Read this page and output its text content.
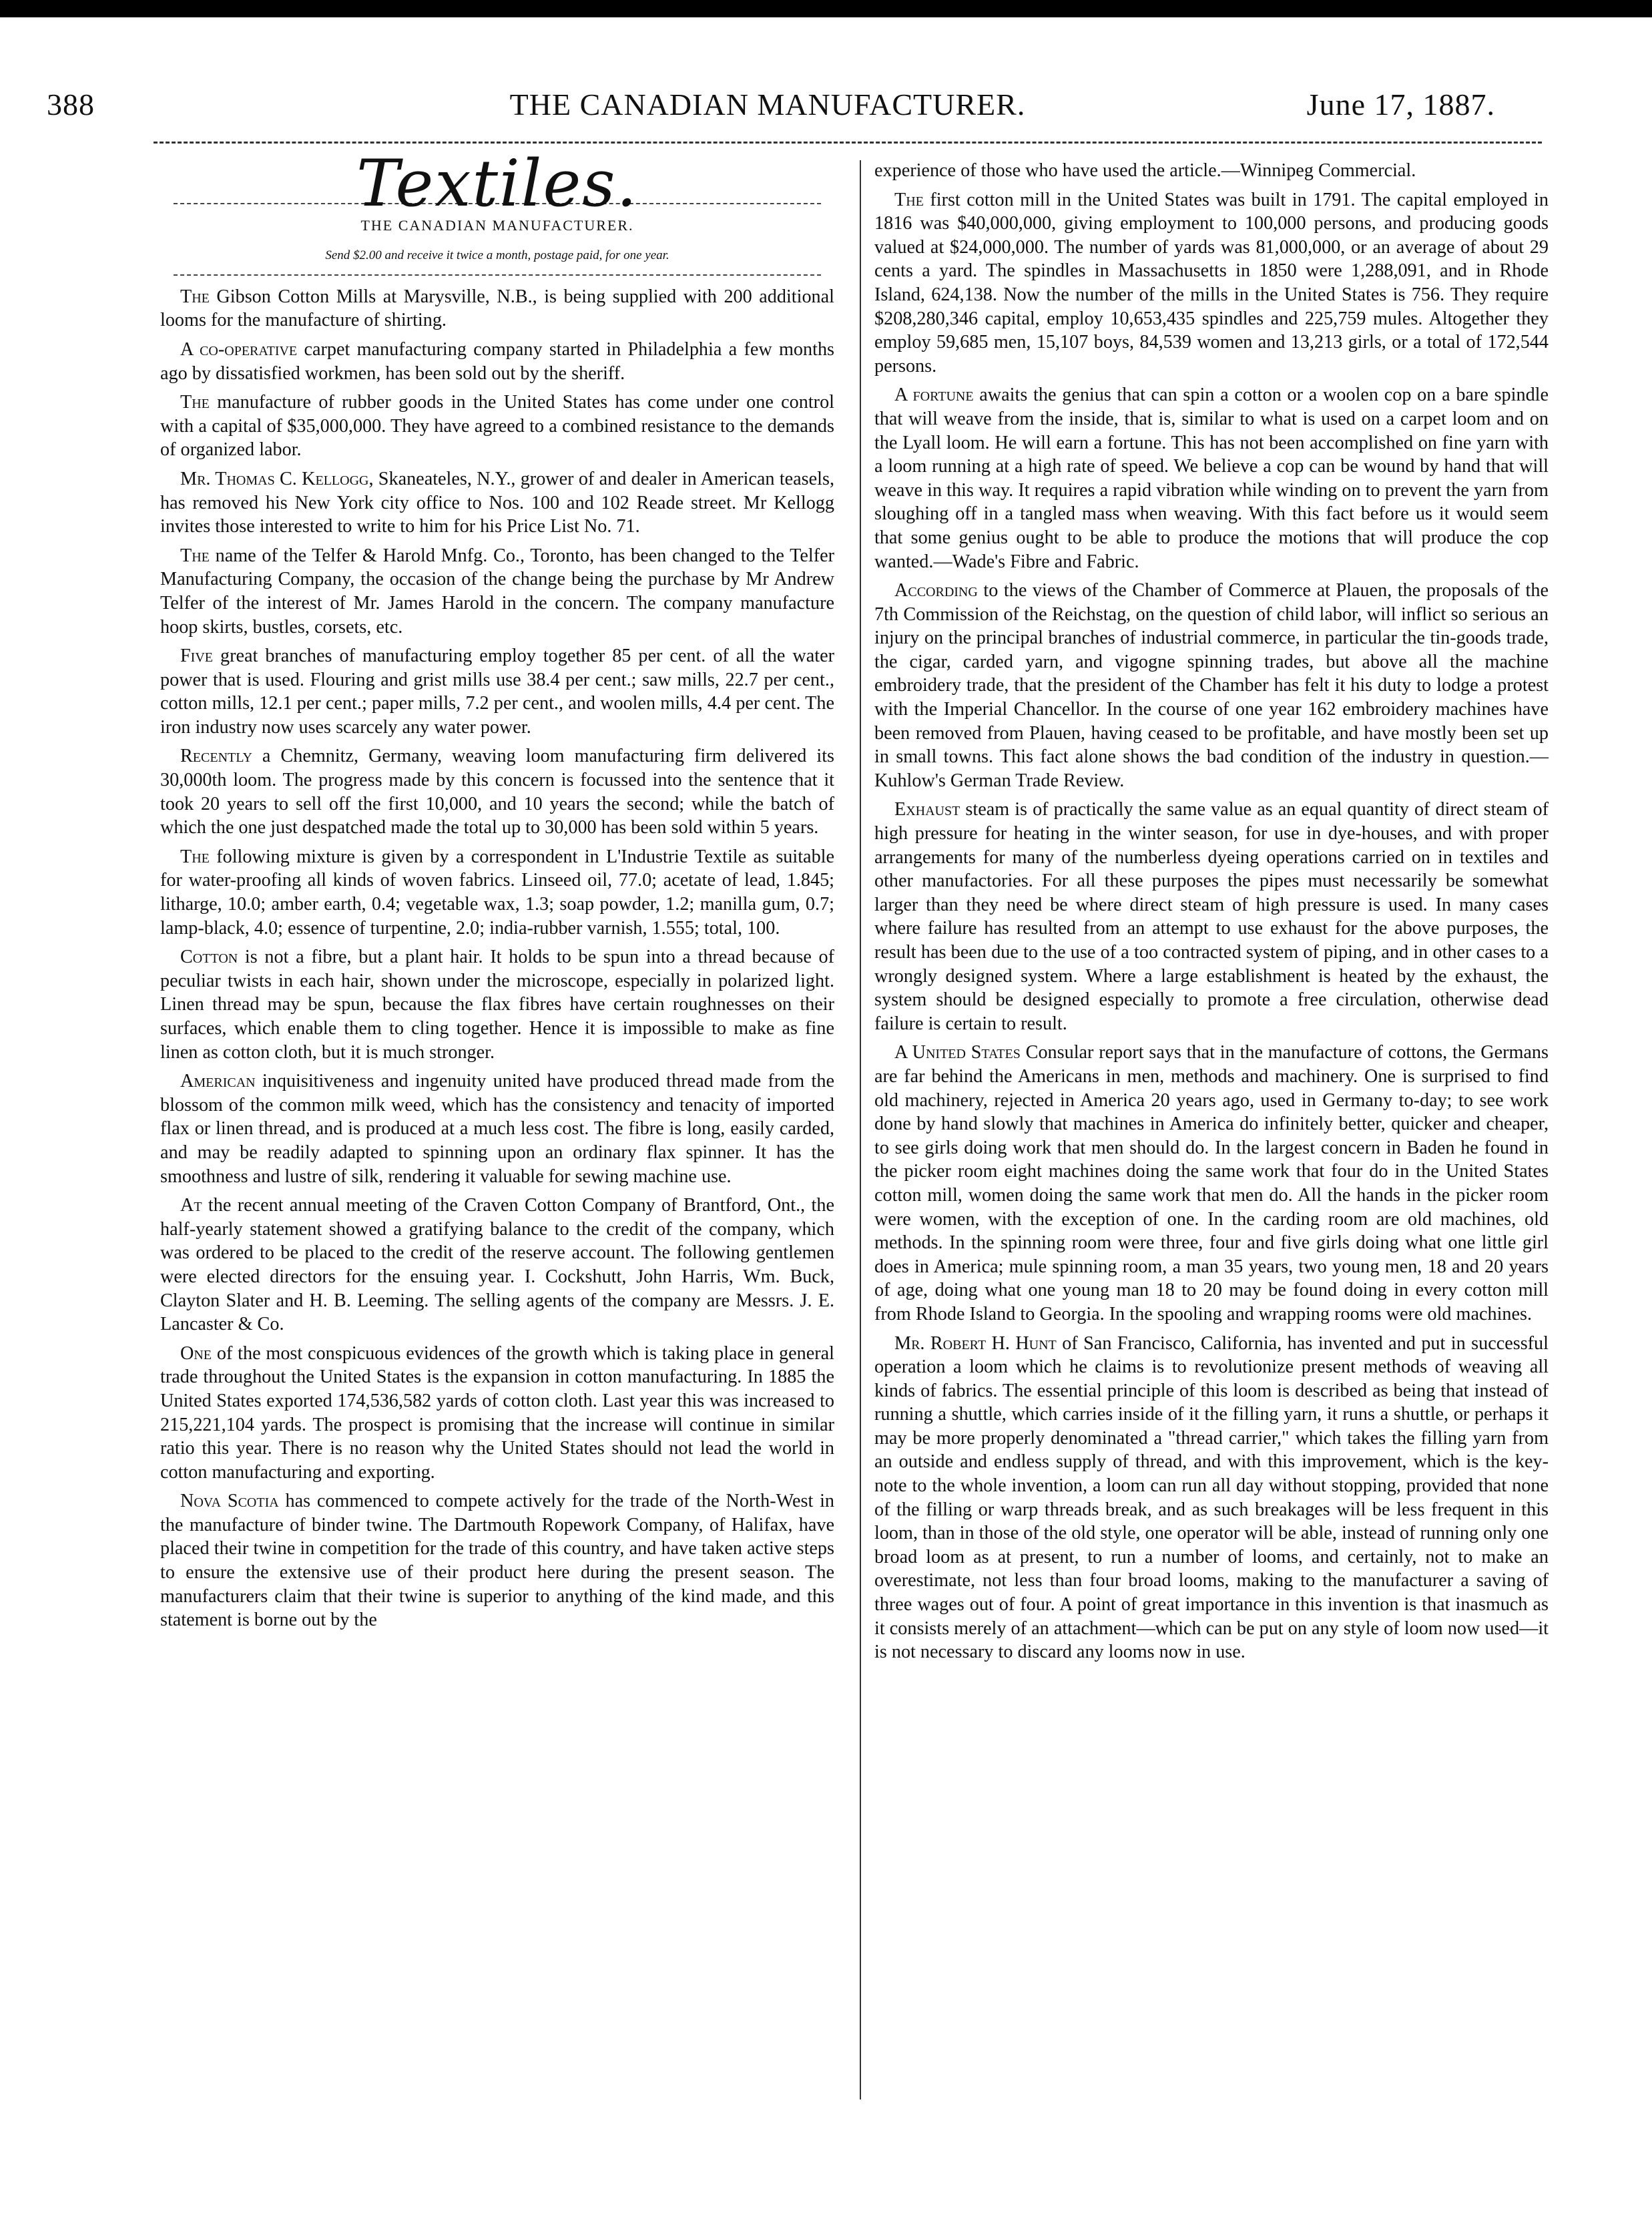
388	THE CANADIAN MANUFACTURER.	June 17, 1887.
Textiles.
THE CANADIAN MANUFACTURER.
Send $2.00 and receive it twice a month, postage paid, for one year.

The Gibson Cotton Mills at Marysville, N.B., is being supplied with 200 additional looms for the manufacture of shirting.

A co-operative carpet manufacturing company started in Philadelphia a few months ago by dissatisfied workmen, has been sold out by the sheriff.

The manufacture of rubber goods in the United States has come under one control with a capital of $35,000,000. They have agreed to a combined resistance to the demands of organized labor.

Mr. Thomas C. Kellogg, Skaneateles, N.Y., grower of and dealer in American teasels, has removed his New York city office to Nos. 100 and 102 Reade street. Mr Kellogg invites those interested to write to him for his Price List No. 71.

The name of the Telfer & Harold Mnfg. Co., Toronto, has been changed to the Telfer Manufacturing Company, the occasion of the change being the purchase by Mr Andrew Telfer of the interest of Mr. James Harold in the concern. The company manufacture hoop skirts, bustles, corsets, etc.

Five great branches of manufacturing employ together 85 per cent. of all the water power that is used. Flouring and grist mills use 38.4 per cent.; saw mills, 22.7 per cent., cotton mills, 12.1 per cent.; paper mills, 7.2 per cent., and woolen mills, 4.4 per cent. The iron industry now uses scarcely any water power.

Recently a Chemnitz, Germany, weaving loom manufacturing firm delivered its 30,000th loom. The progress made by this concern is focussed into the sentence that it took 20 years to sell off the first 10,000, and 10 years the second; while the batch of which the one just despatched made the total up to 30,000 has been sold within 5 years.

The following mixture is given by a correspondent in L'Industrie Textile as suitable for water-proofing all kinds of woven fabrics. Linseed oil, 77.0; acetate of lead, 1.845; litharge, 10.0; amber earth, 0.4; vegetable wax, 1.3; soap powder, 1.2; manilla gum, 0.7; lamp-black, 4.0; essence of turpentine, 2.0; india-rubber varnish, 1.555; total, 100.

Cotton is not a fibre, but a plant hair. It holds to be spun into a thread because of peculiar twists in each hair, shown under the microscope, especially in polarized light. Linen thread may be spun, because the flax fibres have certain roughnesses on their surfaces, which enable them to cling together. Hence it is impossible to make as fine linen as cotton cloth, but it is much stronger.

American inquisitiveness and ingenuity united have produced thread made from the blossom of the common milk weed, which has the consistency and tenacity of imported flax or linen thread, and is produced at a much less cost. The fibre is long, easily carded, and may be readily adapted to spinning upon an ordinary flax spinner. It has the smoothness and lustre of silk, rendering it valuable for sewing machine use.

At the recent annual meeting of the Craven Cotton Company of Brantford, Ont., the half-yearly statement showed a gratifying balance to the credit of the company, which was ordered to be placed to the credit of the reserve account. The following gentlemen were elected directors for the ensuing year. I. Cockshutt, John Harris, Wm. Buck, Clayton Slater and H. B. Leeming. The selling agents of the company are Messrs. J. E. Lancaster & Co.

One of the most conspicuous evidences of the growth which is taking place in general trade throughout the United States is the expansion in cotton manufacturing. In 1885 the United States exported 174,536,582 yards of cotton cloth. Last year this was increased to 215,221,104 yards. The prospect is promising that the increase will continue in similar ratio this year. There is no reason why the United States should not lead the world in cotton manufacturing and exporting.

Nova Scotia has commenced to compete actively for the trade of the North-West in the manufacture of binder twine. The Dartmouth Ropework Company, of Halifax, have placed their twine in competition for the trade of this country, and have taken active steps to ensure the extensive use of their product here during the present season. The manufacturers claim that their twine is superior to anything of the kind made, and this statement is borne out by the

experience of those who have used the article.—Winnipeg Commercial.

The first cotton mill in the United States was built in 1791. The capital employed in 1816 was $40,000,000, giving employment to 100,000 persons, and producing goods valued at $24,000,000. The number of yards was 81,000,000, or an average of about 29 cents a yard. The spindles in Massachusetts in 1850 were 1,288,091, and in Rhode Island, 624,138. Now the number of the mills in the United States is 756. They require $208,280,346 capital, employ 10,653,435 spindles and 225,759 mules. Altogether they employ 59,685 men, 15,107 boys, 84,539 women and 13,213 girls, or a total of 172,544 persons.

A fortune awaits the genius that can spin a cotton or a woolen cop on a bare spindle that will weave from the inside, that is, similar to what is used on a carpet loom and on the Lyall loom. He will earn a fortune. This has not been accomplished on fine yarn with a loom running at a high rate of speed. We believe a cop can be wound by hand that will weave in this way. It requires a rapid vibration while winding on to prevent the yarn from sloughing off in a tangled mass when weaving. With this fact before us it would seem that some genius ought to be able to produce the motions that will produce the cop wanted.—Wade's Fibre and Fabric.

According to the views of the Chamber of Commerce at Plauen, the proposals of the 7th Commission of the Reichstag, on the question of child labor, will inflict so serious an injury on the principal branches of industrial commerce, in particular the tin-goods trade, the cigar, carded yarn, and vigogne spinning trades, but above all the machine embroidery trade, that the president of the Chamber has felt it his duty to lodge a protest with the Imperial Chancellor. In the course of one year 162 embroidery machines have been removed from Plauen, having ceased to be profitable, and have mostly been set up in small towns. This fact alone shows the bad condition of the industry in question.—Kuhlow's German Trade Review.

Exhaust steam is of practically the same value as an equal quantity of direct steam of high pressure for heating in the winter season, for use in dye-houses, and with proper arrangements for many of the numberless dyeing operations carried on in textiles and other manufactories. For all these purposes the pipes must necessarily be somewhat larger than they need be where direct steam of high pressure is used. In many cases where failure has resulted from an attempt to use exhaust for the above purposes, the result has been due to the use of a too contracted system of piping, and in other cases to a wrongly designed system. Where a large establishment is heated by the exhaust, the system should be designed especially to promote a free circulation, otherwise dead failure is certain to result.

A United States Consular report says that in the manufacture of cottons, the Germans are far behind the Americans in men, methods and machinery. One is surprised to find old machinery, rejected in America 20 years ago, used in Germany to-day; to see work done by hand slowly that machines in America do infinitely better, quicker and cheaper, to see girls doing work that men should do. In the largest concern in Baden he found in the picker room eight machines doing the same work that four do in the United States cotton mill, women doing the same work that men do. All the hands in the picker room were women, with the exception of one. In the carding room are old machines, old methods. In the spinning room were three, four and five girls doing what one little girl does in America; mule spinning room, a man 35 years, two young men, 18 and 20 years of age, doing what one young man 18 to 20 may be found doing in every cotton mill from Rhode Island to Georgia. In the spooling and wrapping rooms were old machines.

Mr. Robert H. Hunt of San Francisco, California, has invented and put in successful operation a loom which he claims is to revolutionize present methods of weaving all kinds of fabrics. The essential principle of this loom is described as being that instead of running a shuttle, which carries inside of it the filling yarn, it runs a shuttle, or perhaps it may be more properly denominated a "thread carrier," which takes the filling yarn from an outside and endless supply of thread, and with this improvement, which is the key-note to the whole invention, a loom can run all day without stopping, provided that none of the filling or warp threads break, and as such breakages will be less frequent in this loom, than in those of the old style, one operator will be able, instead of running only one broad loom as at present, to run a number of looms, and certainly, not to make an overestimate, not less than four broad looms, making to the manufacturer a saving of three wages out of four. A point of great importance in this invention is that inasmuch as it consists merely of an attachment—which can be put on any style of loom now used—it is not necessary to discard any looms now in use.
